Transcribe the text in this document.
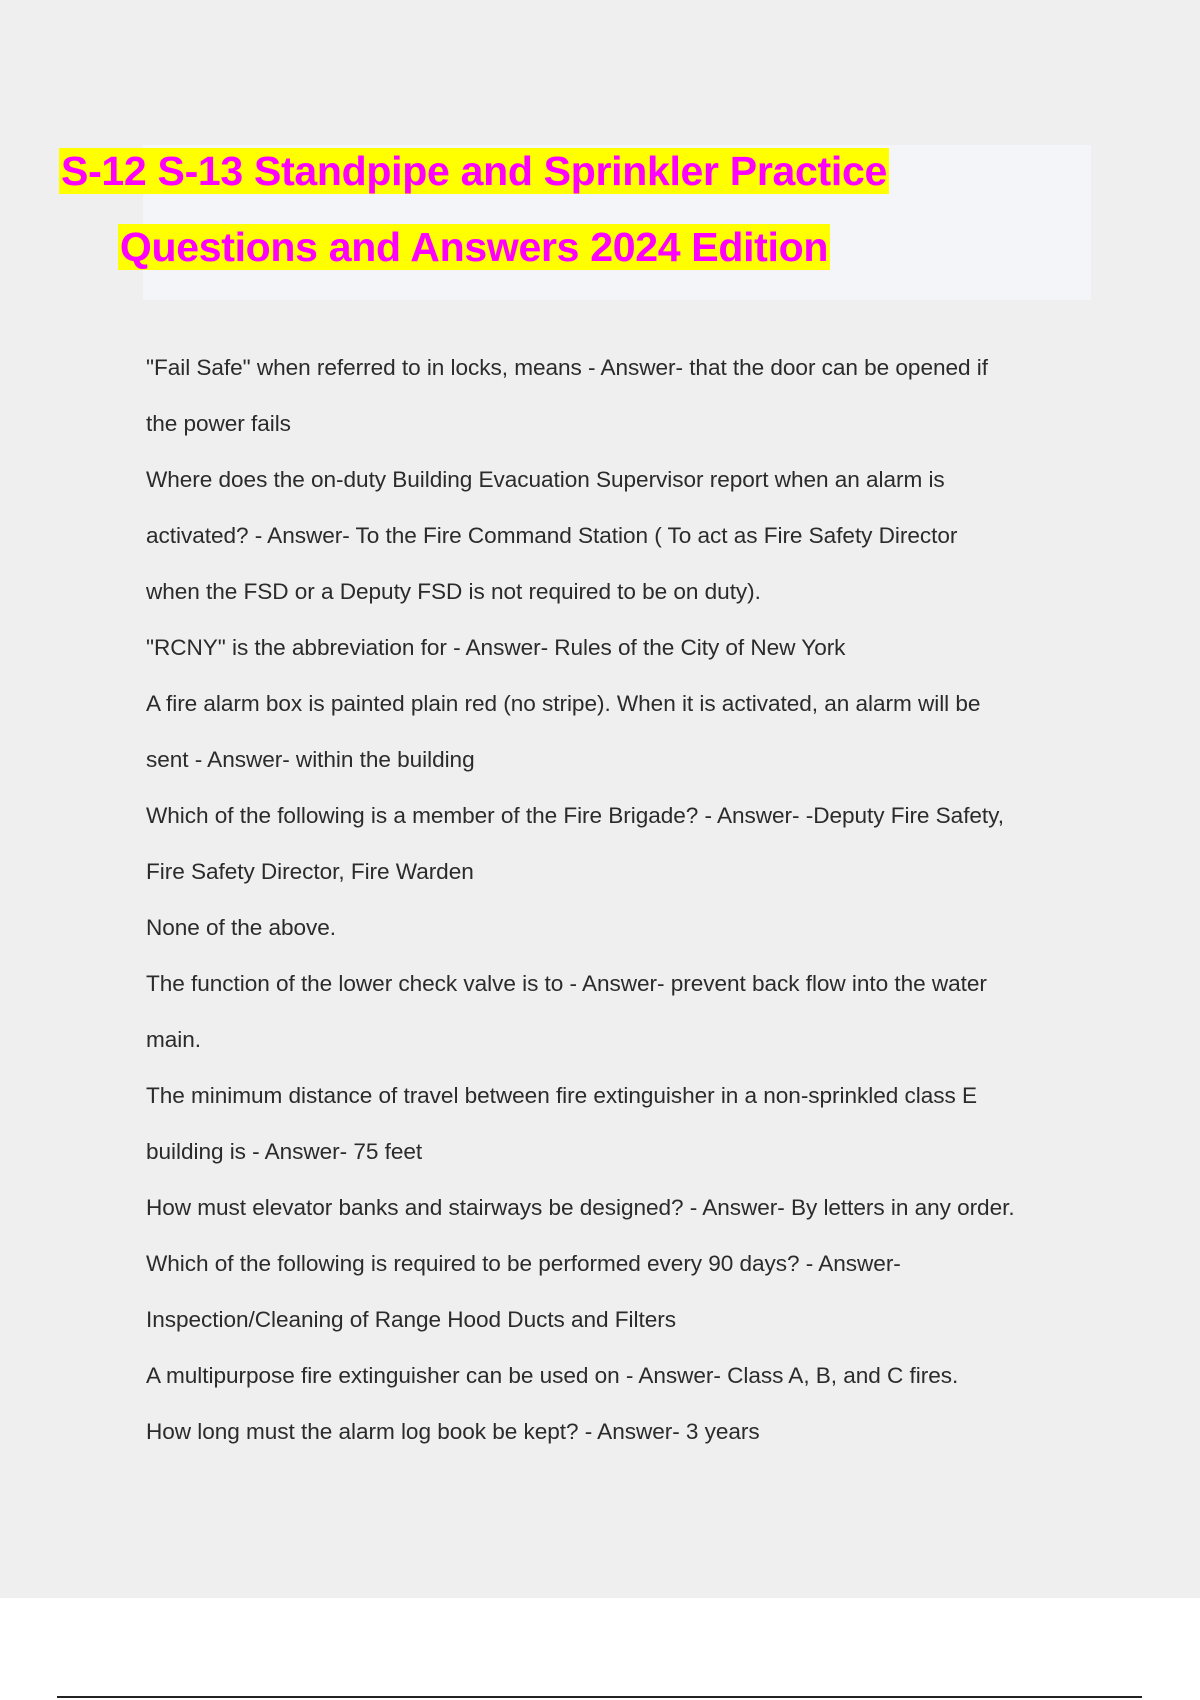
S-12 S-13 Standpipe and Sprinkler Practice
Questions and Answers 2024 Edition
"Fail Safe" when referred to in locks, means - Answer- that the door can be opened if
the power fails
Where does the on-duty Building Evacuation Supervisor report when an alarm is
activated? - Answer- To the Fire Command Station ( To act as Fire Safety Director
when the FSD or a Deputy FSD is not required to be on duty).
"RCNY" is the abbreviation for - Answer- Rules of the City of New York
A fire alarm box is painted plain red (no stripe). When it is activated, an alarm will be
sent - Answer- within the building
Which of the following is a member of the Fire Brigade? - Answer- -Deputy Fire Safety,
Fire Safety Director, Fire Warden
None of the above.
The function of the lower check valve is to - Answer- prevent back flow into the water
main.
The minimum distance of travel between fire extinguisher in a non-sprinkled class E
building is - Answer- 75 feet
How must elevator banks and stairways be designed? - Answer- By letters in any order.
Which of the following is required to be performed every 90 days? - Answer-
Inspection/Cleaning of Range Hood Ducts and Filters
A multipurpose fire extinguisher can be used on - Answer- Class A, B, and C fires.
How long must the alarm log book be kept? - Answer- 3 years
